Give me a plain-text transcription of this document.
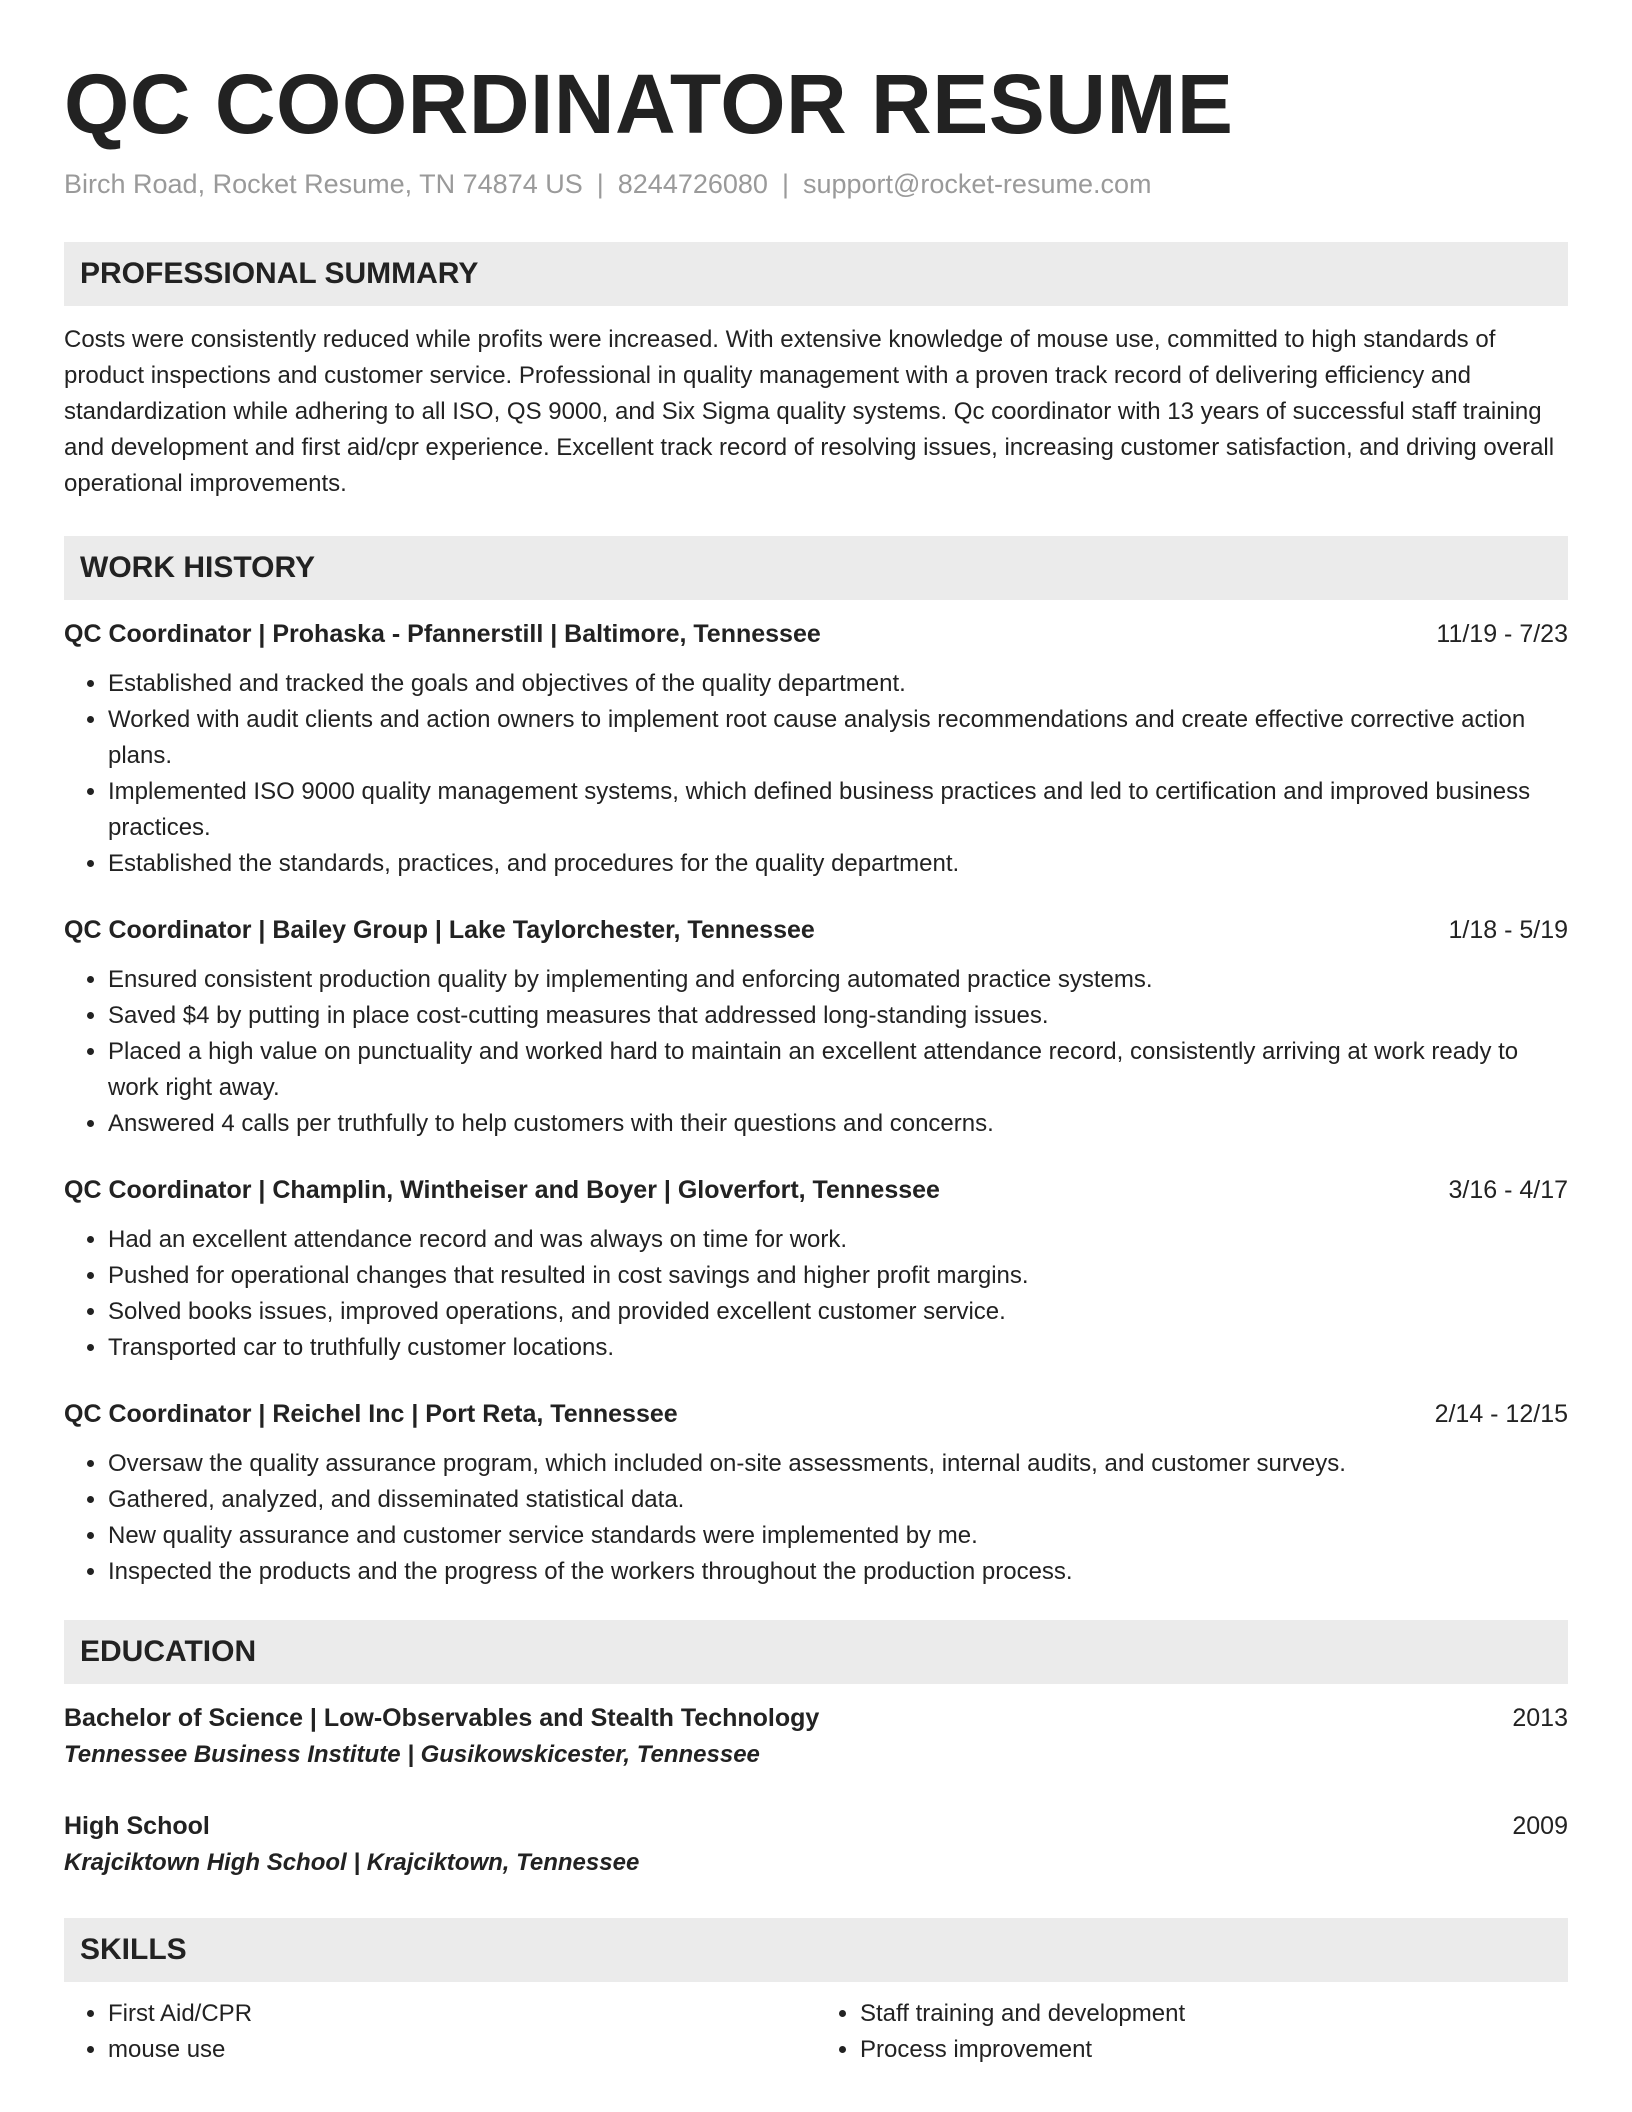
QC COORDINATOR RESUME
Birch Road, Rocket Resume, TN 74874 US | 8244726080 | support@rocket-resume.com
PROFESSIONAL SUMMARY

Costs were consistently reduced while profits were increased. With extensive knowledge of mouse use, committed to high standards of product inspections and customer service. Professional in quality management with a proven track record of delivering efficiency and standardization while adhering to all ISO, QS 9000, and Six Sigma quality systems. Qc coordinator with 13 years of successful staff training and development and first aid/cpr experience. Excellent track record of resolving issues, increasing customer satisfaction, and driving overall operational improvements.

WORK HISTORY
QC Coordinator | Prohaska - Pfannerstill | Baltimore, Tennessee	11/19 - 7/23
• Established and tracked the goals and objectives of the quality department.
• Worked with audit clients and action owners to implement root cause analysis recommendations and create effective corrective action plans.
• Implemented ISO 9000 quality management systems, which defined business practices and led to certification and improved business practices.
• Established the standards, practices, and procedures for the quality department.
QC Coordinator | Bailey Group | Lake Taylorchester, Tennessee	1/18 - 5/19
• Ensured consistent production quality by implementing and enforcing automated practice systems.
• Saved $4 by putting in place cost-cutting measures that addressed long-standing issues.
• Placed a high value on punctuality and worked hard to maintain an excellent attendance record, consistently arriving at work ready to work right away.
• Answered 4 calls per truthfully to help customers with their questions and concerns.
QC Coordinator | Champlin, Wintheiser and Boyer | Gloverfort, Tennessee	3/16 - 4/17
• Had an excellent attendance record and was always on time for work.
• Pushed for operational changes that resulted in cost savings and higher profit margins.
• Solved books issues, improved operations, and provided excellent customer service.
• Transported car to truthfully customer locations.
QC Coordinator | Reichel Inc | Port Reta, Tennessee	2/14 - 12/15
• Oversaw the quality assurance program, which included on-site assessments, internal audits, and customer surveys.
• Gathered, analyzed, and disseminated statistical data.
• New quality assurance and customer service standards were implemented by me.
• Inspected the products and the progress of the workers throughout the production process.
EDUCATION
Bachelor of Science | Low-Observables and Stealth Technology	2013
Tennessee Business Institute | Gusikowskicester, Tennessee
High School	2009
Krajciktown High School | Krajciktown, Tennessee
SKILLS
• First Aid/CPR
• mouse use
• Staff training and development
• Process improvement
